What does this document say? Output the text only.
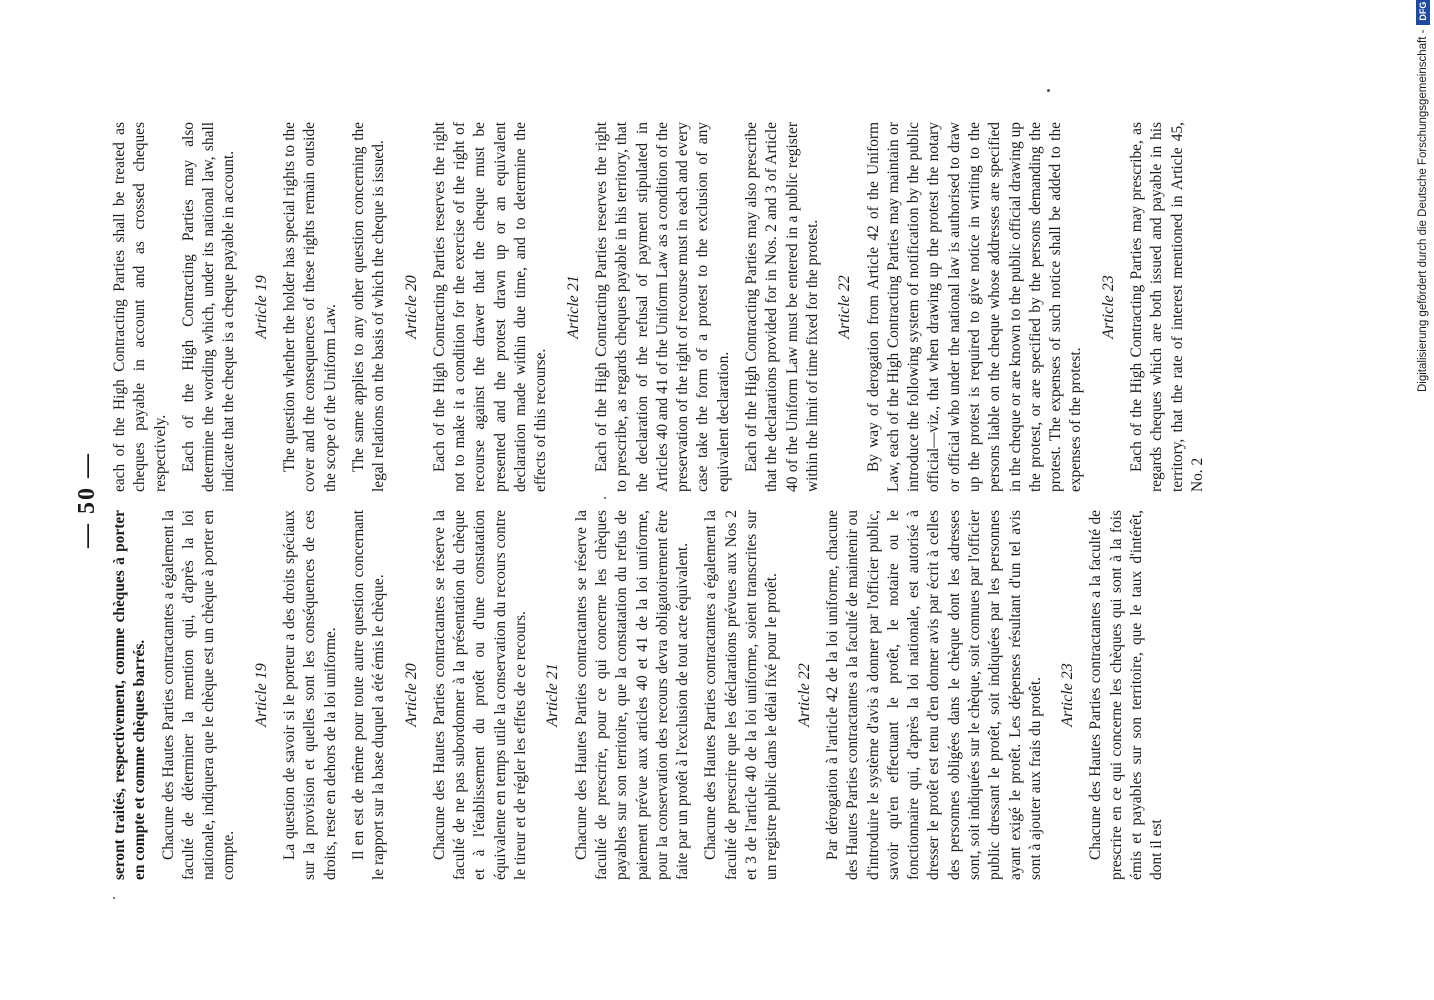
— 50 —

seront traités, respectivement, comme chèques à porter en compte et comme chèques barrés. Chacune des Hautes Parties contractantes a également la faculté de déterminer la mention qui, d'après la loi nationale, indiquera que le chèque est un chèque à porter en compte.

Article 19 La question de savoir si le porteur a des droits spéciaux sur la provision et quelles sont les conséquences de ces droits, reste en dehors de la loi uniforme. Il en est de même pour toute autre question concernant le rapport sur la base duquel a été émis le chèque. Article 20 Chacune des Hautes Parties contractantes se réserve la faculté de ne pas subordonner à la présentation du chèque et à l'établissement du protêt ou d'une constatation équivalente en temps utile la conservation du recours contre le tireur et de régler les effets de ce recours. Article 21 Chacune des Hautes Parties contractantes se réserve la faculté de prescrire, pour ce qui concerne les chèques payables sur son territoire, que la constatation du refus de paiement prévue aux articles 40 et 41 de la loi uniforme, pour la conservation des recours devra obligatoirement être faite par un protêt à l'exclusion de tout acte équivalent. Chacune des Hautes Parties contractantes a également la faculté de prescrire que les déclarations prévues aux Nos 2 et 3 de l'article 40 de la loi uniforme, soient transcrites sur un registre public dans le délai fixé pour le protêt. Article 22 Par dérogation à l'article 42 de la loi uniforme, chacune des Hautes Parties contractantes a la faculté de maintenir ou d'introduire le système d'avis à donner par l'officier public, savoir qu'en effectuant le protêt, le notaire ou le fonctionnaire qui, d'après la loi nationale, est autorisé à dresser le protêt est tenu d'en donner avis par écrit à celles des personnes obligées dans le chèque dont les adresses sont, soit indiquées sur le chèque, soit connues par l'officier public dressant le protêt, soit indiquées par les personnes ayant exigé le protêt. Les dépenses résultant d'un tel avis sont à ajouter aux frais du protêt. Article 23 Chacune des Hautes Parties contractantes a la faculté de prescrire en ce qui concerne les chèques qui sont à la fois émis et payables sur son territoire, que le taux d'intérêt, dont il est

each of the High Contracting Parties shall be treated as cheques payable in account and as crossed cheques respectively. Each of the High Contracting Parties may also determine the wording which, under its national law, shall indicate that the cheque is a cheque payable in account. Article 19 The question whether the holder has special rights to the cover and the consequences of these rights remain outside the scope of the Uniform Law. The same applies to any other question concerning the legal relations on the basis of which the cheque is issued. Article 20 Each of the High Contracting Parties reserves the right not to make it a condition for the exercise of the right of recourse against the drawer that the cheque must be presented and the protest drawn up or an equivalent declaration made within due time, and to determine the effects of this recourse.

Article 21 Each of the High Contracting Parties reserves the right to prescribe, as regards cheques payable in his territory, that the declaration of the refusal of payment stipulated in Articles 40 and 41 of the Uniform Law as a condition of the preservation of the right of recourse must in each and every case take the form of a protest to the exclusion of any equivalent declaration. Each of the High Contracting Parties may also prescribe that the declarations provided for in Nos. 2 and 3 of Article 40 of the Uniform Law must be entered in a public register within the limit of time fixed for the protest. Article 22 By way of derogation from Article 42 of the Uniform Law, each of the High Contracting Parties may maintain or introduce the following system of notification by the public official—viz., that when drawing up the protest the notary or official who under the national law is authorised to draw up the protest is required to give notice in writing to the persons liable on the cheque whose addresses are specified in the cheque or are known to the public official drawing up the protest, or are specified by the persons demanding the protest. The expenses of such notice shall be added to the expenses of the protest.

Article 23 Each of the High Contracting Parties may prescribe, as regards cheques which are both issued and payable in his territory, that the rate of interest mentioned in Article 45, No. 2

Digitalisierung gefördert durch die Deutsche Forschungsgemeinschaft -
DFG
